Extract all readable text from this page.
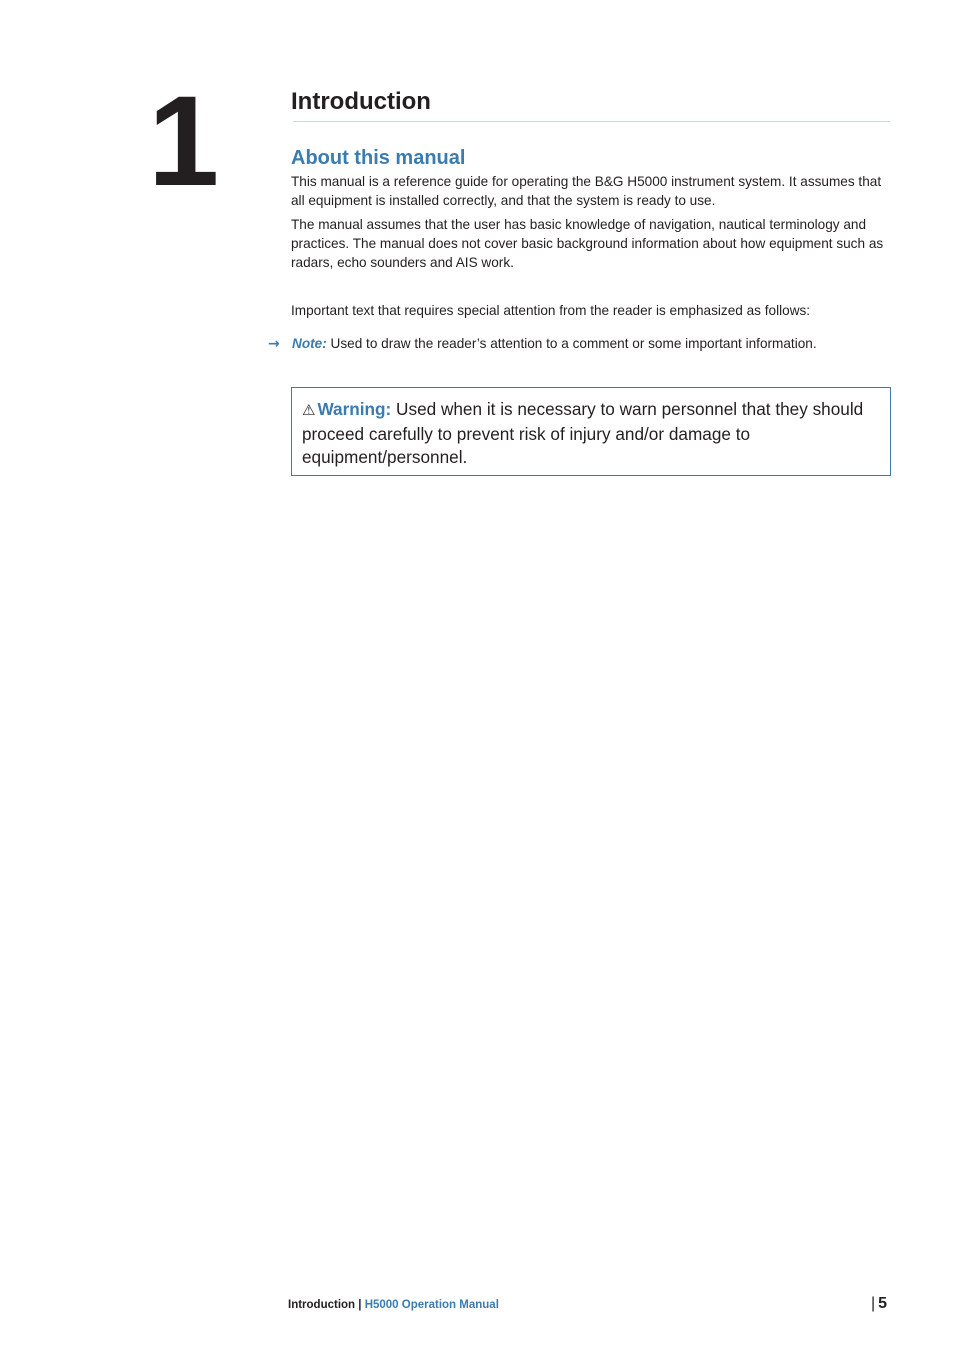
1	Introduction
About this manual

This manual is a reference guide for operating the B&G H5000 instrument system. It assumes that all equipment is installed correctly, and that the system is ready to use.

The manual assumes that the user has basic knowledge of navigation, nautical terminology and practices. The manual does not cover basic background information about how equipment such as radars, echo sounders and AIS work.

Important text that requires special attention from the reader is emphasized as follows:

→ Note: Used to draw the reader’s attention to a comment or some important information.
⚠ Warning: Used when it is necessary to warn personnel that they should proceed carefully to prevent risk of injury and/or damage to equipment/personnel.
Introduction | H5000 Operation Manual	| 5
